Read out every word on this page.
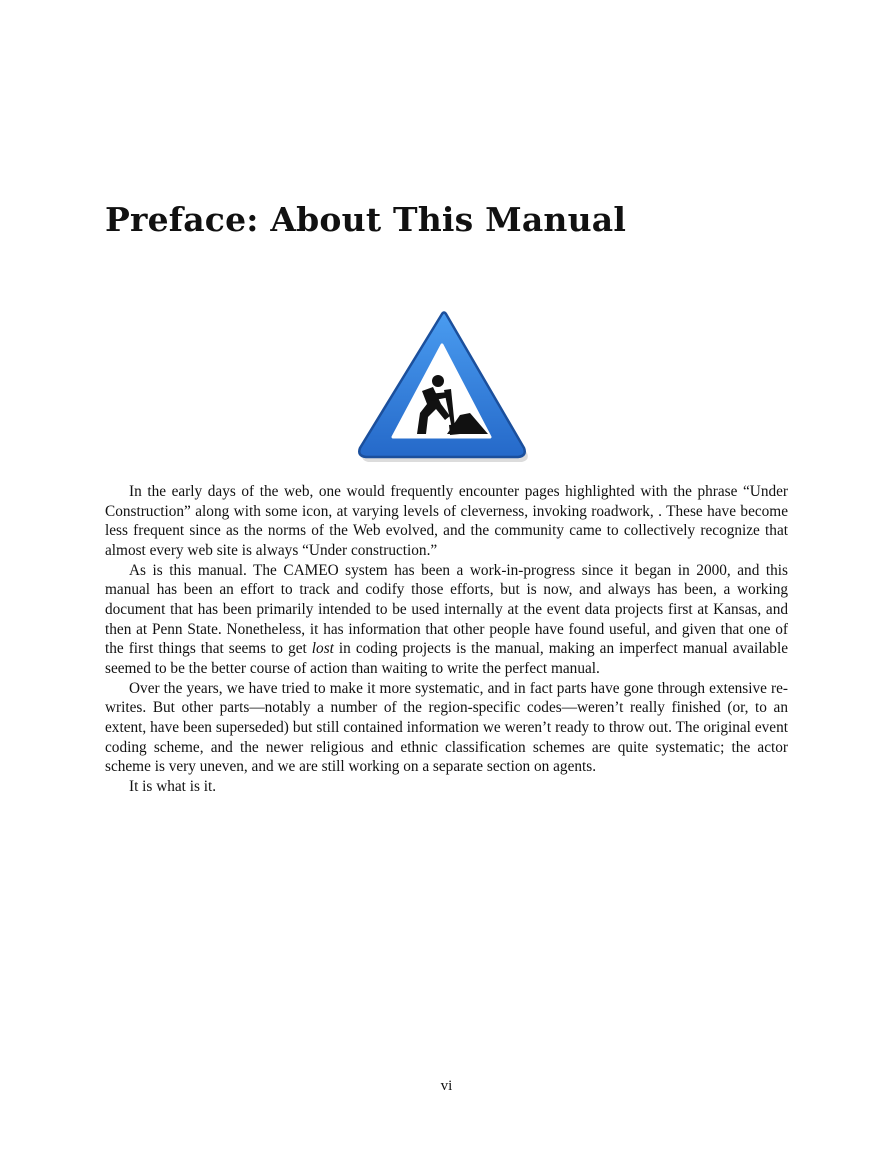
Preface: About This Manual

In the early days of the web, one would frequently encounter pages highlighted with the phrase “Under Construction” along with some icon, at varying levels of cleverness, invoking roadwork, . These have become less frequent since as the norms of the Web evolved, and the community came to collectively recognize that almost every web site is always “Under construction.”

As is this manual. The CAMEO system has been a work-in-progress since it began in 2000, and this manual has been an effort to track and codify those efforts, but is now, and always has been, a working document that has been primarily intended to be used internally at the event data projects first at Kansas, and then at Penn State. Nonetheless, it has information that other people have found useful, and given that one of the first things that seems to get lost in coding projects is the manual, making an imperfect manual available seemed to be the better course of action than waiting to write the perfect manual.

Over the years, we have tried to make it more systematic, and in fact parts have gone through extensive re-writes. But other parts—notably a number of the region-specific codes—weren’t really finished (or, to an extent, have been superseded) but still contained information we weren’t ready to throw out. The original event coding scheme, and the newer religious and ethnic classification schemes are quite systematic; the actor scheme is very uneven, and we are still working on a separate section on agents.

It is what is it.

vi
